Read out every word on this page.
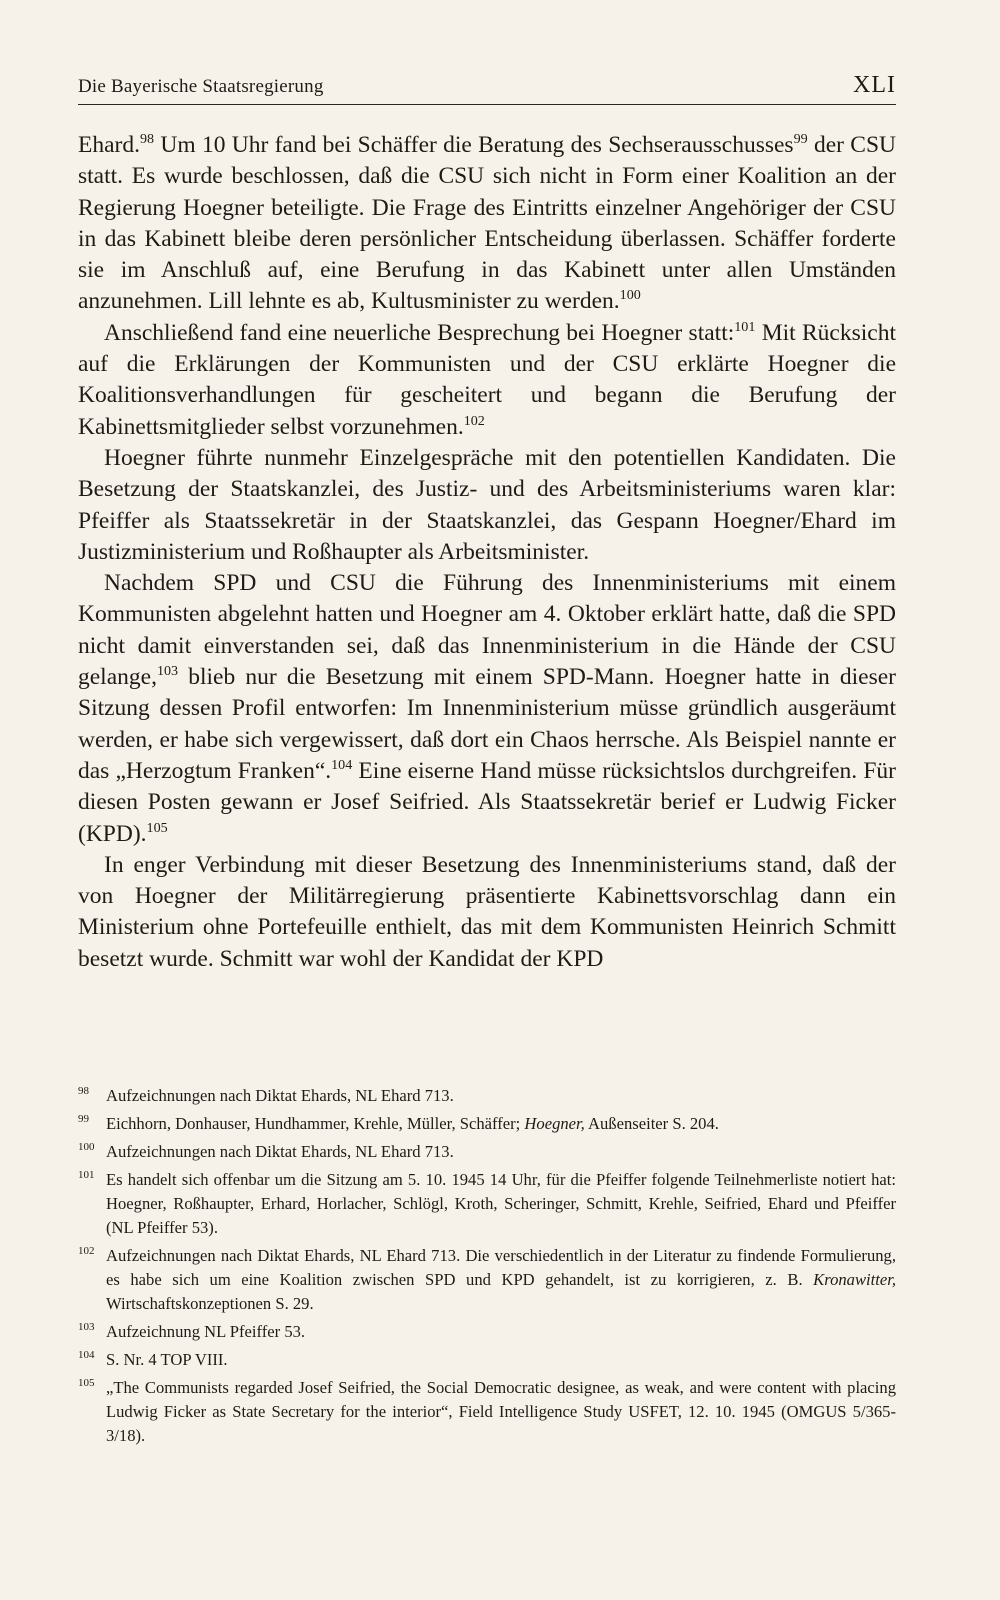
Die Bayerische Staatsregierung	XLI

Ehard.$^{98}$ Um 10 Uhr fand bei Schäffer die Beratung des Sechserausschusses$^{99}$ der CSU statt. Es wurde beschlossen, daß die CSU sich nicht in Form einer Koalition an der Regierung Hoegner beteiligte. Die Frage des Eintritts einzelner Angehöriger der CSU in das Kabinett bleibe deren persönlicher Entscheidung überlassen. Schäffer forderte sie im Anschluß auf, eine Berufung in das Kabinett unter allen Umständen anzunehmen. Lill lehnte es ab, Kultusminister zu werden.$^{100}$

Anschließend fand eine neuerliche Besprechung bei Hoegner statt:$^{101}$ Mit Rücksicht auf die Erklärungen der Kommunisten und der CSU erklärte Hoegner die Koalitionsverhandlungen für gescheitert und begann die Berufung der Kabinettsmitglieder selbst vorzunehmen.$^{102}$

Hoegner führte nunmehr Einzelgespräche mit den potentiellen Kandidaten. Die Besetzung der Staatskanzlei, des Justiz- und des Arbeitsministeriums waren klar: Pfeiffer als Staatssekretär in der Staatskanzlei, das Gespann Hoegner/Ehard im Justizministerium und Roßhaupter als Arbeitsminister.

Nachdem SPD und CSU die Führung des Innenministeriums mit einem Kommunisten abgelehnt hatten und Hoegner am 4. Oktober erklärt hatte, daß die SPD nicht damit einverstanden sei, daß das Innenministerium in die Hände der CSU gelange,$^{103}$ blieb nur die Besetzung mit einem SPD-Mann. Hoegner hatte in dieser Sitzung dessen Profil entworfen: Im Innenministerium müsse gründlich ausgeräumt werden, er habe sich vergewissert, daß dort ein Chaos herrsche. Als Beispiel nannte er das „Herzogtum Franken“.$^{104}$ Eine eiserne Hand müsse rücksichtslos durchgreifen. Für diesen Posten gewann er Josef Seifried. Als Staatssekretär berief er Ludwig Ficker (KPD).$^{105}$

In enger Verbindung mit dieser Besetzung des Innenministeriums stand, daß der von Hoegner der Militärregierung präsentierte Kabinettsvorschlag dann ein Ministerium ohne Portefeuille enthielt, das mit dem Kommunisten Heinrich Schmitt besetzt wurde. Schmitt war wohl der Kandidat der KPD

98 Aufzeichnungen nach Diktat Ehards, NL Ehard 713.
99 Eichhorn, Donhauser, Hundhammer, Krehle, Müller, Schäffer; Hoegner, Außenseiter S. 204.
100 Aufzeichnungen nach Diktat Ehards, NL Ehard 713.
101 Es handelt sich offenbar um die Sitzung am 5. 10. 1945 14 Uhr, für die Pfeiffer folgende Teilnehmerliste notiert hat: Hoegner, Roßhaupter, Erhard, Horlacher, Schlögl, Kroth, Scheringer, Schmitt, Krehle, Seifried, Ehard und Pfeiffer (NL Pfeiffer 53).
102 Aufzeichnungen nach Diktat Ehards, NL Ehard 713. Die verschiedentlich in der Literatur zu findende Formulierung, es habe sich um eine Koalition zwischen SPD und KPD gehandelt, ist zu korrigieren, z. B. Kronawitter, Wirtschaftskonzeptionen S. 29.
103 Aufzeichnung NL Pfeiffer 53.
104 S. Nr. 4 TOP VIII.
105 „The Communists regarded Josef Seifried, the Social Democratic designee, as weak, and were content with placing Ludwig Ficker as State Secretary for the interior“, Field Intelligence Study USFET, 12. 10. 1945 (OMGUS 5/365-3/18).
